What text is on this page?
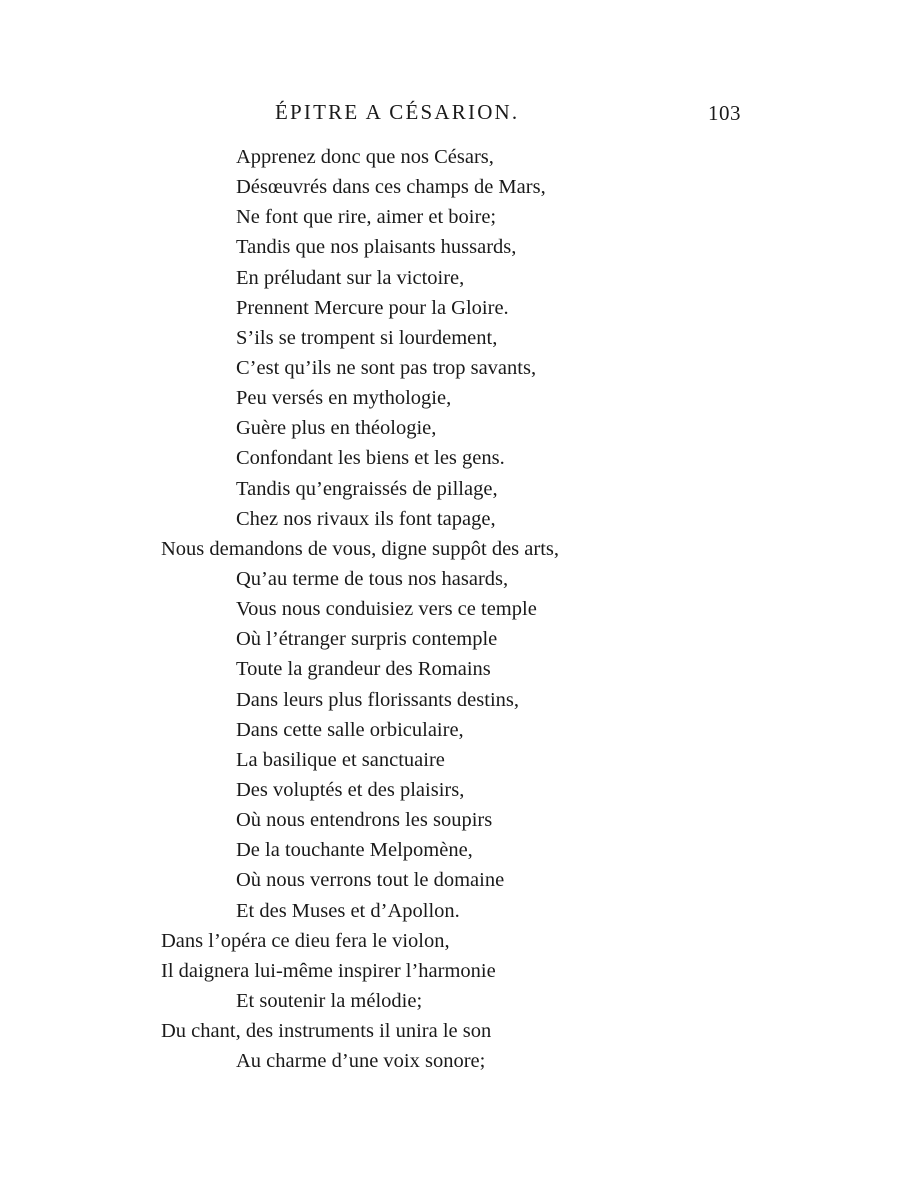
ÉPITRE A CÉSARION.	103
Apprenez donc que nos Césars,
Désœuvrés dans ces champs de Mars,
Ne font que rire, aimer et boire;
Tandis que nos plaisants hussards,
En préludant sur la victoire,
Prennent Mercure pour la Gloire.
S’ils se trompent si lourdement,
C’est qu’ils ne sont pas trop savants,
Peu versés en mythologie,
Guère plus en théologie,
Confondant les biens et les gens.
Tandis qu’engraissés de pillage,
Chez nos rivaux ils font tapage,
Nous demandons de vous, digne suppôt des arts,
Qu’au terme de tous nos hasards,
Vous nous conduisiez vers ce temple
Où l’étranger surpris contemple
Toute la grandeur des Romains
Dans leurs plus florissants destins,
Dans cette salle orbiculaire,
La basilique et sanctuaire
Des voluptés et des plaisirs,
Où nous entendrons les soupirs
De la touchante Melpomène,
Où nous verrons tout le domaine
Et des Muses et d’Apollon.
Dans l’opéra ce dieu fera le violon,
Il daignera lui-même inspirer l’harmonie
Et soutenir la mélodie;
Du chant, des instruments il unira le son
Au charme d’une voix sonore;
